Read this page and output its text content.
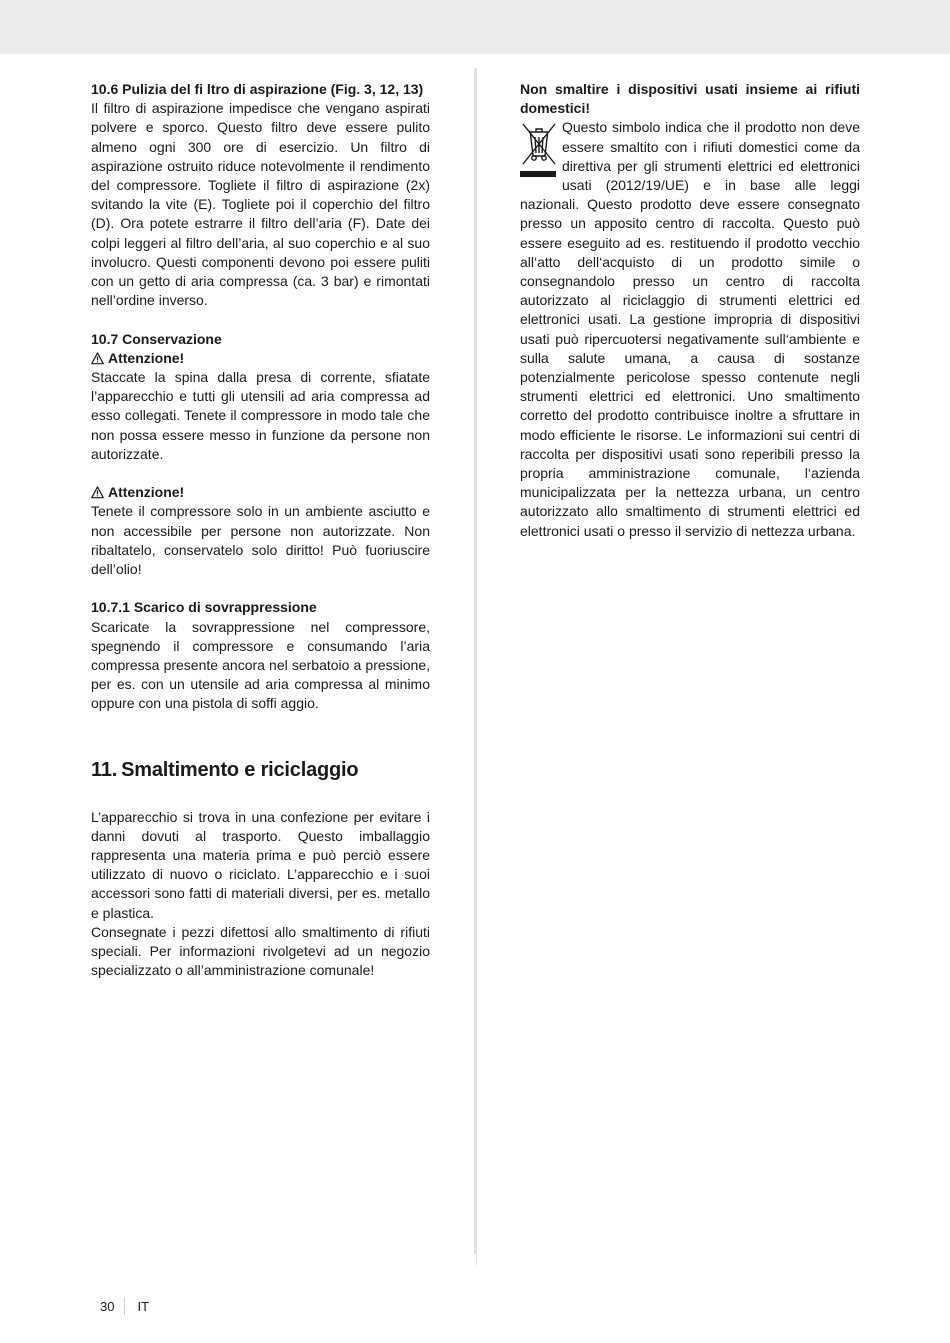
10.6 Pulizia del fi ltro di aspirazione (Fig. 3, 12, 13)

Il filtro di aspirazione impedisce che vengano aspirati polvere e sporco. Questo filtro deve essere pulito almeno ogni 300 ore di esercizio. Un filtro di aspirazione ostruito riduce notevolmente il rendimento del compressore. Togliete il filtro di aspirazione (2x) svitando la vite (E). Togliete poi il coperchio del filtro (D). Ora potete estrarre il filtro dell’aria (F). Date dei colpi leggeri al filtro dell’aria, al suo coperchio e al suo involucro. Questi componenti devono poi essere puliti con un getto di aria compressa (ca. 3 bar) e rimontati nell’ordine inverso.

10.7 Conservazione
Attenzione!

Staccate la spina dalla presa di corrente, sfiatate l’apparecchio e tutti gli utensili ad aria compressa ad esso collegati. Tenete il compressore in modo tale che non possa essere messo in funzione da persone non autorizzate.

Attenzione!

Tenete il compressore solo in un ambiente asciutto e non accessibile per persone non autorizzate. Non ribaltatelo, conservatelo solo diritto! Può fuoriuscire dell’olio!

10.7.1 Scarico di sovrappressione

Scaricate la sovrappressione nel compressore, spegnendo il compressore e consumando l’aria compressa presente ancora nel serbatoio a pressione, per es. con un utensile ad aria compressa al minimo oppure con una pistola di soffi aggio.

11. Smaltimento e riciclaggio

L’apparecchio si trova in una confezione per evitare i danni dovuti al trasporto. Questo imballaggio rappresenta una materia prima e può perciò essere utilizzato di nuovo o riciclato. L’apparecchio e i suoi accessori sono fatti di materiali diversi, per es. metallo e plastica.

Consegnate i pezzi difettosi allo smaltimento di rifiuti speciali. Per informazioni rivolgetevi ad un negozio specializzato o all’amministrazione comunale!

Non smaltire i dispositivi usati insieme ai rifiuti domestici!

Questo simbolo indica che il prodotto non deve essere smaltito con i rifiuti domestici come da direttiva per gli strumenti elettrici ed elettronici usati (2012/19/UE) e in base alle leggi nazionali. Questo prodotto deve essere consegnato presso un apposito centro di raccolta. Questo può essere eseguito ad es. restituendo il prodotto vecchio all‘atto dell‘acquisto di un prodotto simile o consegnandolo presso un centro di raccolta autorizzato al riciclaggio di strumenti elettrici ed elettronici usati. La gestione impropria di dispositivi usati può ripercuotersi negativamente sull‘ambiente e sulla salute umana, a causa di sostanze potenzialmente pericolose spesso contenute negli strumenti elettrici ed elettronici. Uno smaltimento corretto del prodotto contribuisce inoltre a sfruttare in modo efficiente le risorse. Le informazioni sui centri di raccolta per dispositivi usati sono reperibili presso la propria amministrazione comunale, l‘azienda municipalizzata per la nettezza urbana, un centro autorizzato allo smaltimento di strumenti elettrici ed elettronici usati o presso il servizio di nettezza urbana.

30 IT
